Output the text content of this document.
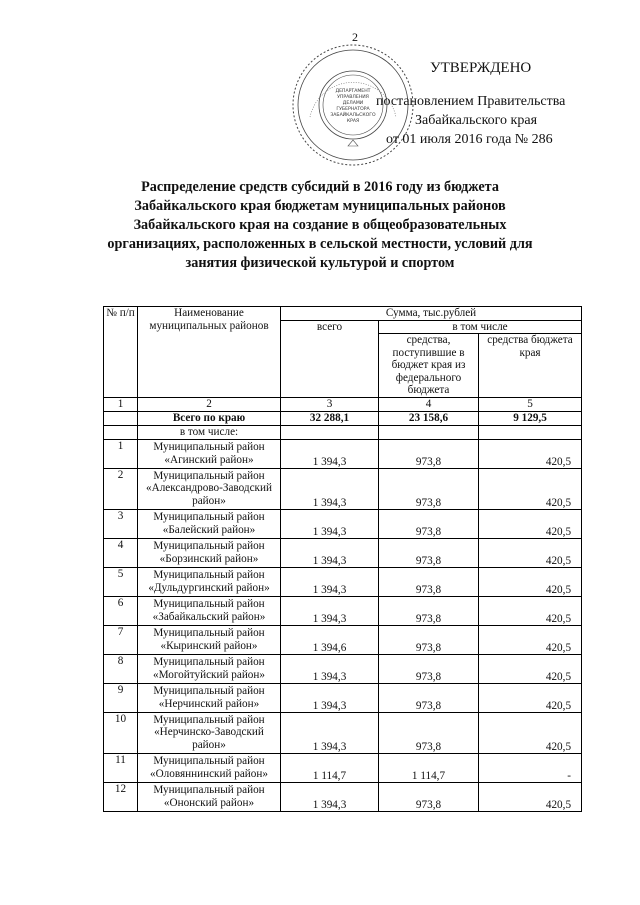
2
ДЕПАРТАМЕНТ
УПРАВЛЕНИЯ
ДЕЛАМИ
ГУБЕРНАТОРА
ЗАБАЙКАЛЬСКОГО
КРАЯ
УТВЕРЖДЕНО
постановлением Правительства
Забайкальского края
от 01 июля 2016 года № 286
Распределение средств субсидий в 2016 году из бюджета Забайкальского края бюджетам муниципальных районов Забайкальского края на создание в общеобразовательных организациях, расположенных в сельской местности, условий для занятия физической культурой и спортом
№ п/п	Наименование муниципальных районов	Сумма, тыс.рублей		
		всего	в том числе	
			средства, поступившие в бюджет края из федерального бюджета	средства бюджета края
1	2	3	4	5
	Всего по краю	32 288,1	23 158,6	9 129,5
	в том числе:			
1	Муниципальный район «Агинский район»	1 394,3	973,8	420,5
2	Муниципальный район «Александрово-Заводский район»	1 394,3	973,8	420,5
3	Муниципальный район «Балейский район»	1 394,3	973,8	420,5
4	Муниципальный район «Борзинский район»	1 394,3	973,8	420,5
5	Муниципальный район «Дульдургинский район»	1 394,3	973,8	420,5
6	Муниципальный район «Забайкальский район»	1 394,3	973,8	420,5
7	Муниципальный район «Кыринский район»	1 394,6	973,8	420,5
8	Муниципальный район «Могойтуйский район»	1 394,3	973,8	420,5
9	Муниципальный район «Нерчинский район»	1 394,3	973,8	420,5
10	Муниципальный район «Нерчинско-Заводский район»	1 394,3	973,8	420,5
11	Муниципальный район «Оловяннинский район»	1 114,7	1 114,7	-
12	Муниципальный район «Ононский район»	1 394,3	973,8	420,5
